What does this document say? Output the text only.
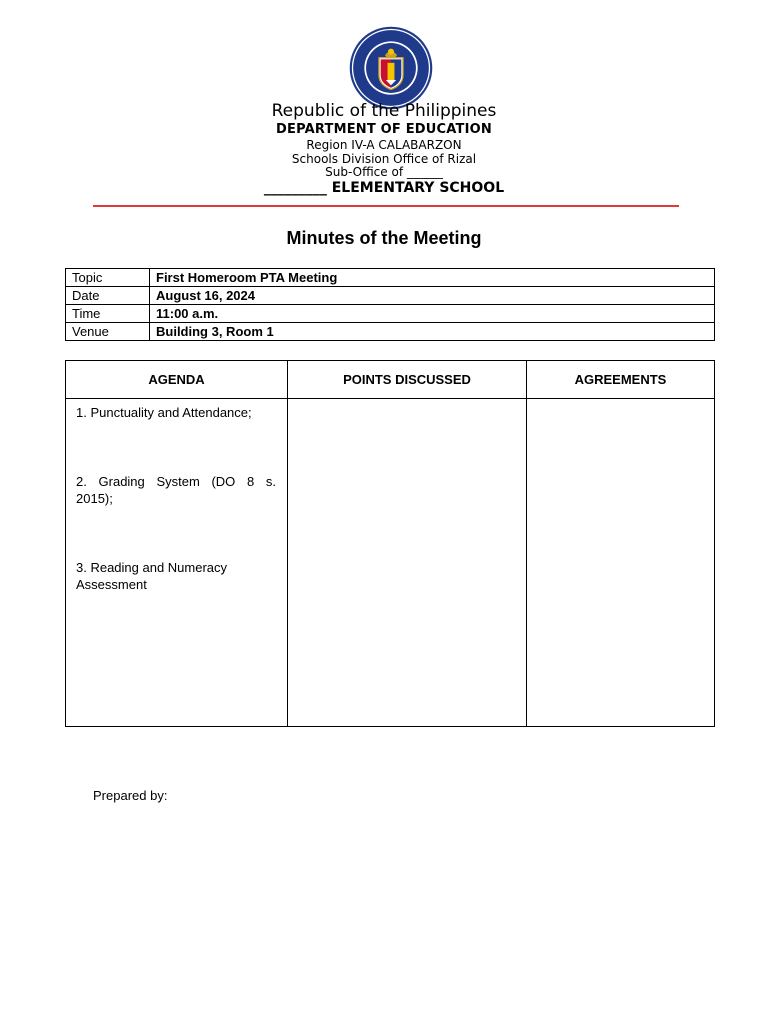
Republic of the Philippines
DEPARTMENT OF EDUCATION
Region IV-A CALABARZON
Schools Division Office of Rizal
Sub-Office of ______
_________ ELEMENTARY SCHOOL
Minutes of the Meeting
Topic	First Homeroom PTA Meeting
Date	August 16, 2024
Time	11:00 a.m.
Venue	Building 3, Room 1
AGENDA	POINTS DISCUSSED	AGREEMENTS

1. Punctuality and Attendance;
2. Grading System (DO 8 s. 2015);
3. Reading and Numeracy Assessment		

Prepared by:
